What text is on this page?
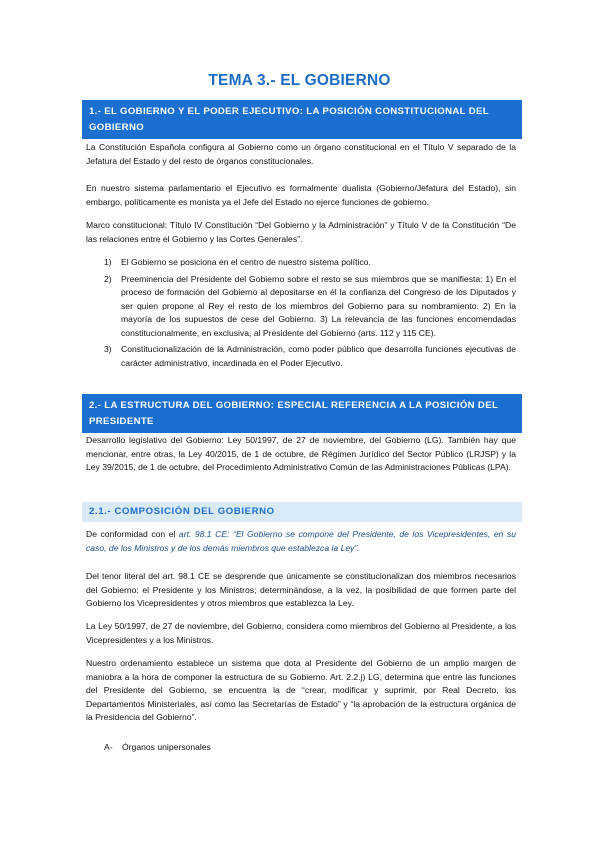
TEMA 3.- EL GOBIERNO
1.- EL GOBIERNO Y EL PODER EJECUTIVO: LA POSICIÓN CONSTITUCIONAL DEL GOBIERNO

La Constitución Española configura al Gobierno como un órgano constitucional en el Título V separado de la Jefatura del Estado y del resto de órganos constitucionales.

En nuestro sistema parlamentario el Ejecutivo es formalmente dualista (Gobierno/Jefatura del Estado), sin embargo, políticamente es monista ya el Jefe del Estado no ejerce funciones de gobierno.

Marco constitucional: Título IV Constitución “Del Gobierno y la Administración” y Título V de la Constitución “De las relaciones entre el Gobierno y las Cortes Generales”.

1) El Gobierno se posiciona en el centro de nuestro sistema político.
2) Preeminencia del Presidente del Gobierno sobre el resto se sus miembros que se manifiesta: 1) En el proceso de formación del Gobierno al depositarse en él la confianza del Congreso de los Diputados y ser quien propone al Rey el resto de los miembros del Gobierno para su nombramiento. 2) En la mayoría de los supuestos de cese del Gobierno. 3) La relevancia de las funciones encomendadas constitucionalmente, en exclusiva, al Presidente del Gobierno (arts. 112 y 115 CE).
3) Constitucionalización de la Administración, como poder público que desarrolla funciones ejecutivas de carácter administrativo, incardinada en el Poder Ejecutivo.
2.- LA ESTRUCTURA DEL GOBIERNO: ESPECIAL REFERENCIA A LA POSICIÓN DEL PRESIDENTE

Desarrollo legislativo del Gobierno: Ley 50/1997, de 27 de noviembre, del Gobierno (LG). También hay que mencionar, entre otras, la Ley 40/2015, de 1 de octubre, de Régimen Jurídico del Sector Público (LRJSP) y la Ley 39/2015, de 1 de octubre, del Procedimiento Administrativo Común de las Administraciones Públicas (LPA).

2.1.- COMPOSICIÓN DEL GOBIERNO

De conformidad con el art. 98.1 CE: “El Gobierno se compone del Presidente, de los Vicepresidentes, en su caso, de los Ministros y de los demás miembros que establezca la Ley”.

Del tenor literal del art. 98.1 CE se desprende que únicamente se constitucionalizan dos miembros necesarios del Gobierno: el Presidente y los Ministros; determinándose, a la vez, la posibilidad de que formen parte del Gobierno los Vicepresidentes y otros miembros que establezca la Ley.

La Ley 50/1997, de 27 de noviembre, del Gobierno, considera como miembros del Gobierno al Presidente, a los Vicepresidentes y a los Ministros.

Nuestro ordenamiento establece un sistema que dota al Presidente del Gobierno de un amplio margen de maniobra a la hora de componer la estructura de su Gobierno. Art. 2.2.j) LG, determina que entre las funciones del Presidente del Gobierno, se encuentra la de “crear, modificar y suprimir, por Real Decreto, los Departamentos Ministeriales, así como las Secretarías de Estado” y “la aprobación de la estructura orgánica de la Presidencia del Gobierno”.

A- Órganos unipersonales
